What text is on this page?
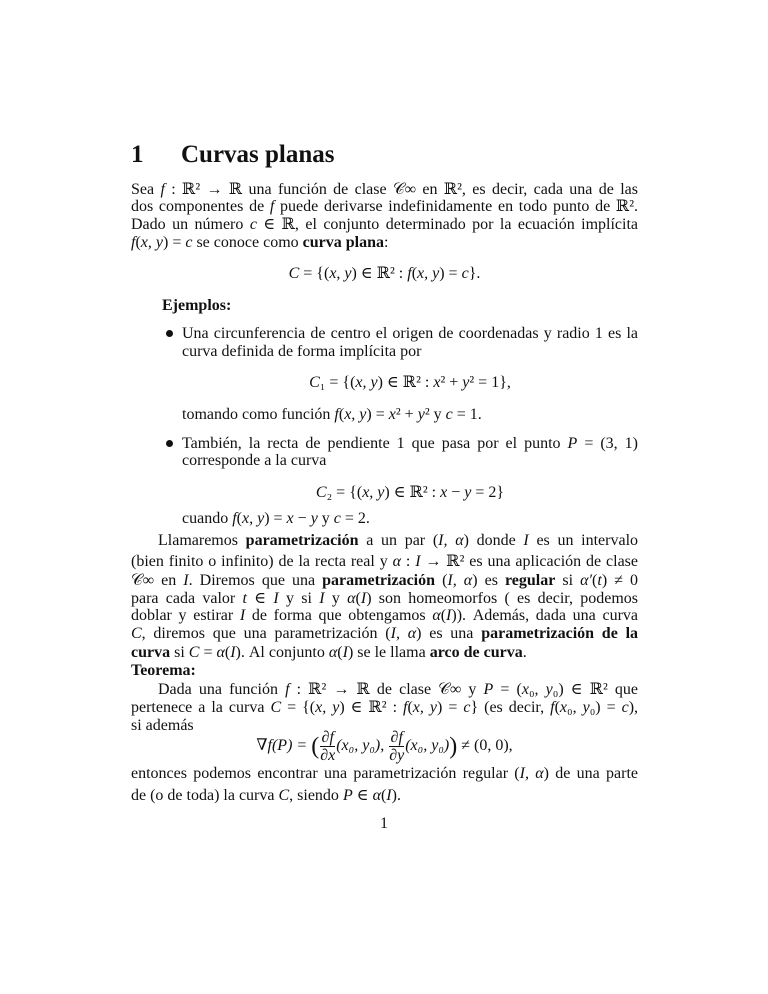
1 Curvas planas
Sea f : ℝ² → ℝ una función de clase 𝒞∞ en ℝ², es decir, cada una de las
dos componentes de f puede derivarse indefinidamente en todo punto de ℝ².
Dado un número c ∈ ℝ, el conjunto determinado por la ecuación implícita
f(x, y) = c se conoce como curva plana:
C = {(x, y) ∈ ℝ² : f(x, y) = c}.
Ejemplos:
Una circunferencia de centro el origen de coordenadas y radio 1 es la
curva definida de forma implícita por
C₁ = {(x, y) ∈ ℝ² : x² + y² = 1},
tomando como función f(x, y) = x² + y² y c = 1.
También, la recta de pendiente 1 que pasa por el punto P = (3, 1)
corresponde a la curva
C₂ = {(x, y) ∈ ℝ² : x − y = 2}
cuando f(x, y) = x − y y c = 2.
Llamaremos parametrización a un par (I, α) donde I es un intervalo
(bien finito o infinito) de la recta real y α : I → ℝ² es una aplicación de clase
𝒞∞ en I. Diremos que una parametrización (I, α) es regular si α′(t) ≠ 0
para cada valor t ∈ I y si I y α(I) son homeomorfos ( es decir, podemos
doblar y estirar I de forma que obtengamos α(I)). Además, dada una curva
C, diremos que una parametrización (I, α) es una parametrización de la
curva si C = α(I). Al conjunto α(I) se le llama arco de curva.
Teorema:
Dada una función f : ℝ² → ℝ de clase 𝒞∞ y P = (x₀, y₀) ∈ ℝ² que
pertenece a la curva C = {(x, y) ∈ ℝ² : f(x, y) = c} (es decir, f(x₀, y₀) = c),
si además
∇f(P) = ( $\frac{\partial f}{\partial x} (x_0$, y₀), $\frac{\partial f}{\partial y} (x_0$, y₀)) ≠ (0, 0),
entonces podemos encontrar una parametrización regular (I, α) de una parte
de (o de toda) la curva C, siendo P ∈ α(I).
1
